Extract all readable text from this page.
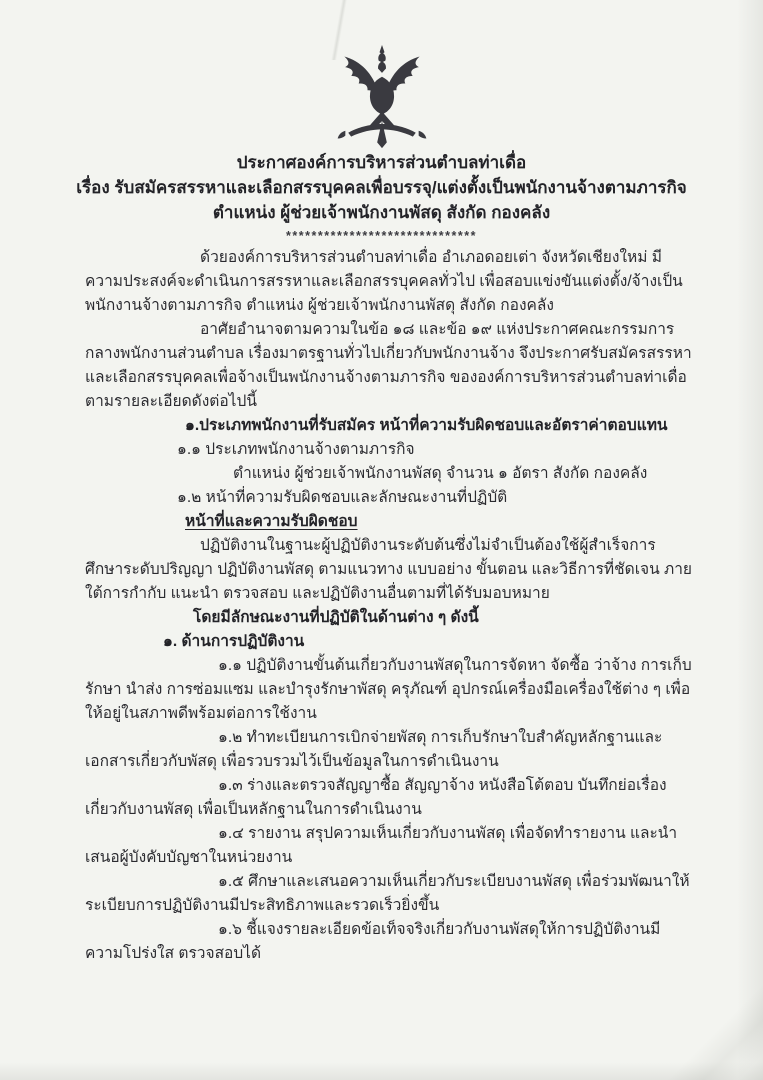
ประกาศองค์การบริหารส่วนตำบลท่าเดื่อ
เรื่อง รับสมัครสรรหาและเลือกสรรบุคคลเพื่อบรรจุ/แต่งตั้งเป็นพนักงานจ้างตามภารกิจ
ตำแหน่ง ผู้ช่วยเจ้าพนักงานพัสดุ สังกัด กองคลัง
******************************
ด้วยองค์การบริหารส่วนตำบลท่าเดื่อ อำเภอดอยเต่า จังหวัดเชียงใหม่ มีความประสงค์จะดำเนินการสรรหาและเลือกสรรบุคคลทั่วไป เพื่อสอบแข่งขันแต่งตั้ง/จ้างเป็นพนักงานจ้างตามภารกิจ ตำแหน่ง ผู้ช่วยเจ้าพนักงานพัสดุ สังกัด กองคลัง
อาศัยอำนาจตามความในข้อ ๑๘ และข้อ ๑๙ แห่งประกาศคณะกรรมการกลางพนักงานส่วนตำบล เรื่องมาตรฐานทั่วไปเกี่ยวกับพนักงานจ้าง จึงประกาศรับสมัครสรรหาและเลือกสรรบุคคลเพื่อจ้างเป็นพนักงานจ้างตามภารกิจ ขององค์การบริหารส่วนตำบลท่าเดื่อ ตามรายละเอียดดังต่อไปนี้
๑.ประเภทพนักงานที่รับสมัคร หน้าที่ความรับผิดชอบและอัตราค่าตอบแทน
๑.๑ ประเภทพนักงานจ้างตามภารกิจ
ตำแหน่ง ผู้ช่วยเจ้าพนักงานพัสดุ จำนวน ๑ อัตรา สังกัด กองคลัง
๑.๒ หน้าที่ความรับผิดชอบและลักษณะงานที่ปฏิบัติ
หน้าที่และความรับผิดชอบ
ปฏิบัติงานในฐานะผู้ปฏิบัติงานระดับต้นซึ่งไม่จำเป็นต้องใช้ผู้สำเร็จการศึกษาระดับปริญญา ปฏิบัติงานพัสดุ ตามแนวทาง แบบอย่าง ขั้นตอน และวิธีการที่ชัดเจน ภายใต้การกำกับ แนะนำ ตรวจสอบ และปฏิบัติงานอื่นตามที่ได้รับมอบหมาย
โดยมีลักษณะงานที่ปฏิบัติในด้านต่าง ๆ ดังนี้
๑. ด้านการปฏิบัติงาน
๑.๑ ปฏิบัติงานขั้นต้นเกี่ยวกับงานพัสดุในการจัดหา จัดซื้อ ว่าจ้าง การเก็บรักษา นำส่ง การซ่อมแซม และบำรุงรักษาพัสดุ ครุภัณฑ์ อุปกรณ์เครื่องมือเครื่องใช้ต่าง ๆ เพื่อให้อยู่ในสภาพดีพร้อมต่อการใช้งาน
๑.๒ ทำทะเบียนการเบิกจ่ายพัสดุ การเก็บรักษาใบสำคัญหลักฐานและเอกสารเกี่ยวกับพัสดุ เพื่อรวบรวมไว้เป็นข้อมูลในการดำเนินงาน
๑.๓ ร่างและตรวจสัญญาซื้อ สัญญาจ้าง หนังสือโต้ตอบ บันทึกย่อเรื่องเกี่ยวกับงานพัสดุ เพื่อเป็นหลักฐานในการดำเนินงาน
๑.๔ รายงาน สรุปความเห็นเกี่ยวกับงานพัสดุ เพื่อจัดทำรายงาน และนำเสนอผู้บังคับบัญชาในหน่วยงาน
๑.๕ ศึกษาและเสนอความเห็นเกี่ยวกับระเบียบงานพัสดุ เพื่อร่วมพัฒนาให้ระเบียบการปฏิบัติงานมีประสิทธิภาพและรวดเร็วยิ่งขึ้น
๑.๖ ชี้แจงรายละเอียดข้อเท็จจริงเกี่ยวกับงานพัสดุให้การปฏิบัติงานมีความโปร่งใส ตรวจสอบได้
